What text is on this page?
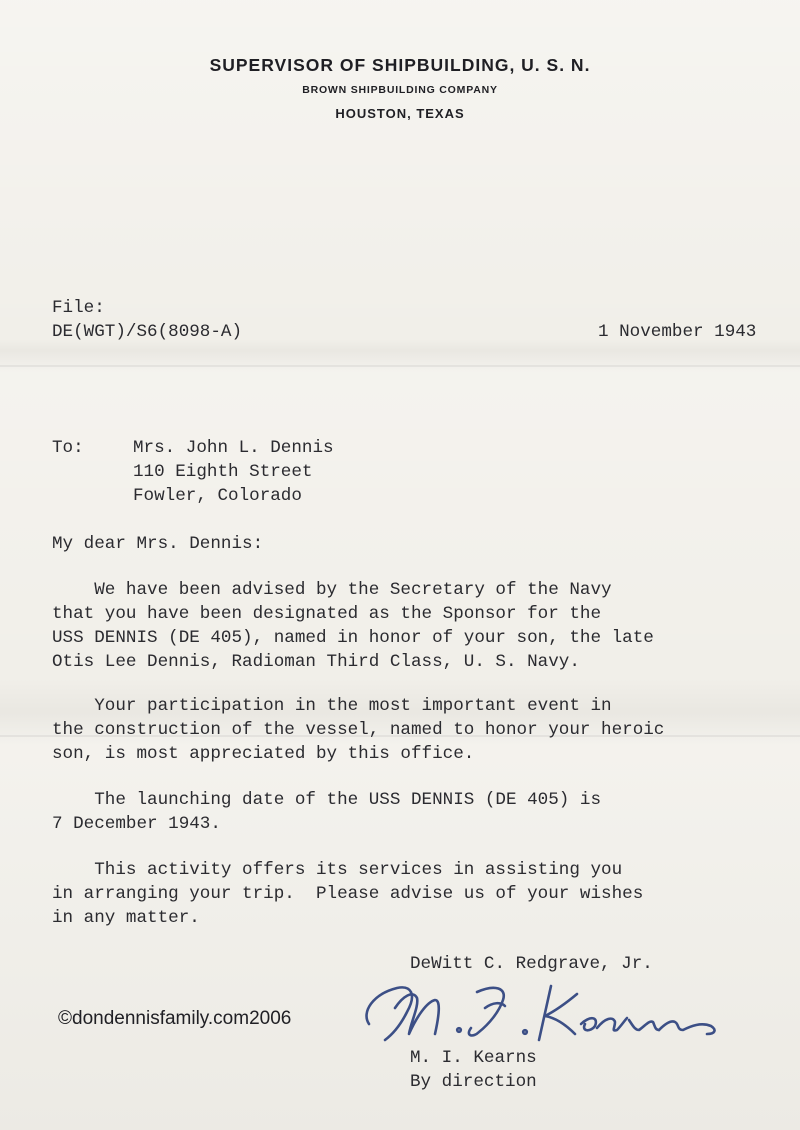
SUPERVISOR OF SHIPBUILDING, U. S. N.
BROWN SHIPBUILDING COMPANY
HOUSTON, TEXAS
File:
DE(WGT)/S6(8098-A)	1 November 1943
To:	Mrs. John L. Dennis
110 Eighth Street
Fowler, Colorado
My dear Mrs. Dennis:
We have been advised by the Secretary of the Navy
that you have been designated as the Sponsor for the
USS DENNIS (DE 405), named in honor of your son, the late
Otis Lee Dennis, Radioman Third Class, U. S. Navy.
Your participation in the most important event in
the construction of the vessel, named to honor your heroic
son, is most appreciated by this office.
The launching date of the USS DENNIS (DE 405) is
7 December 1943.
This activity offers its services in assisting you
in arranging your trip.  Please advise us of your wishes
in any matter.
DeWitt C. Redgrave, Jr.
M. I. Kearns
By direction
©dondennisfamily.com2006
